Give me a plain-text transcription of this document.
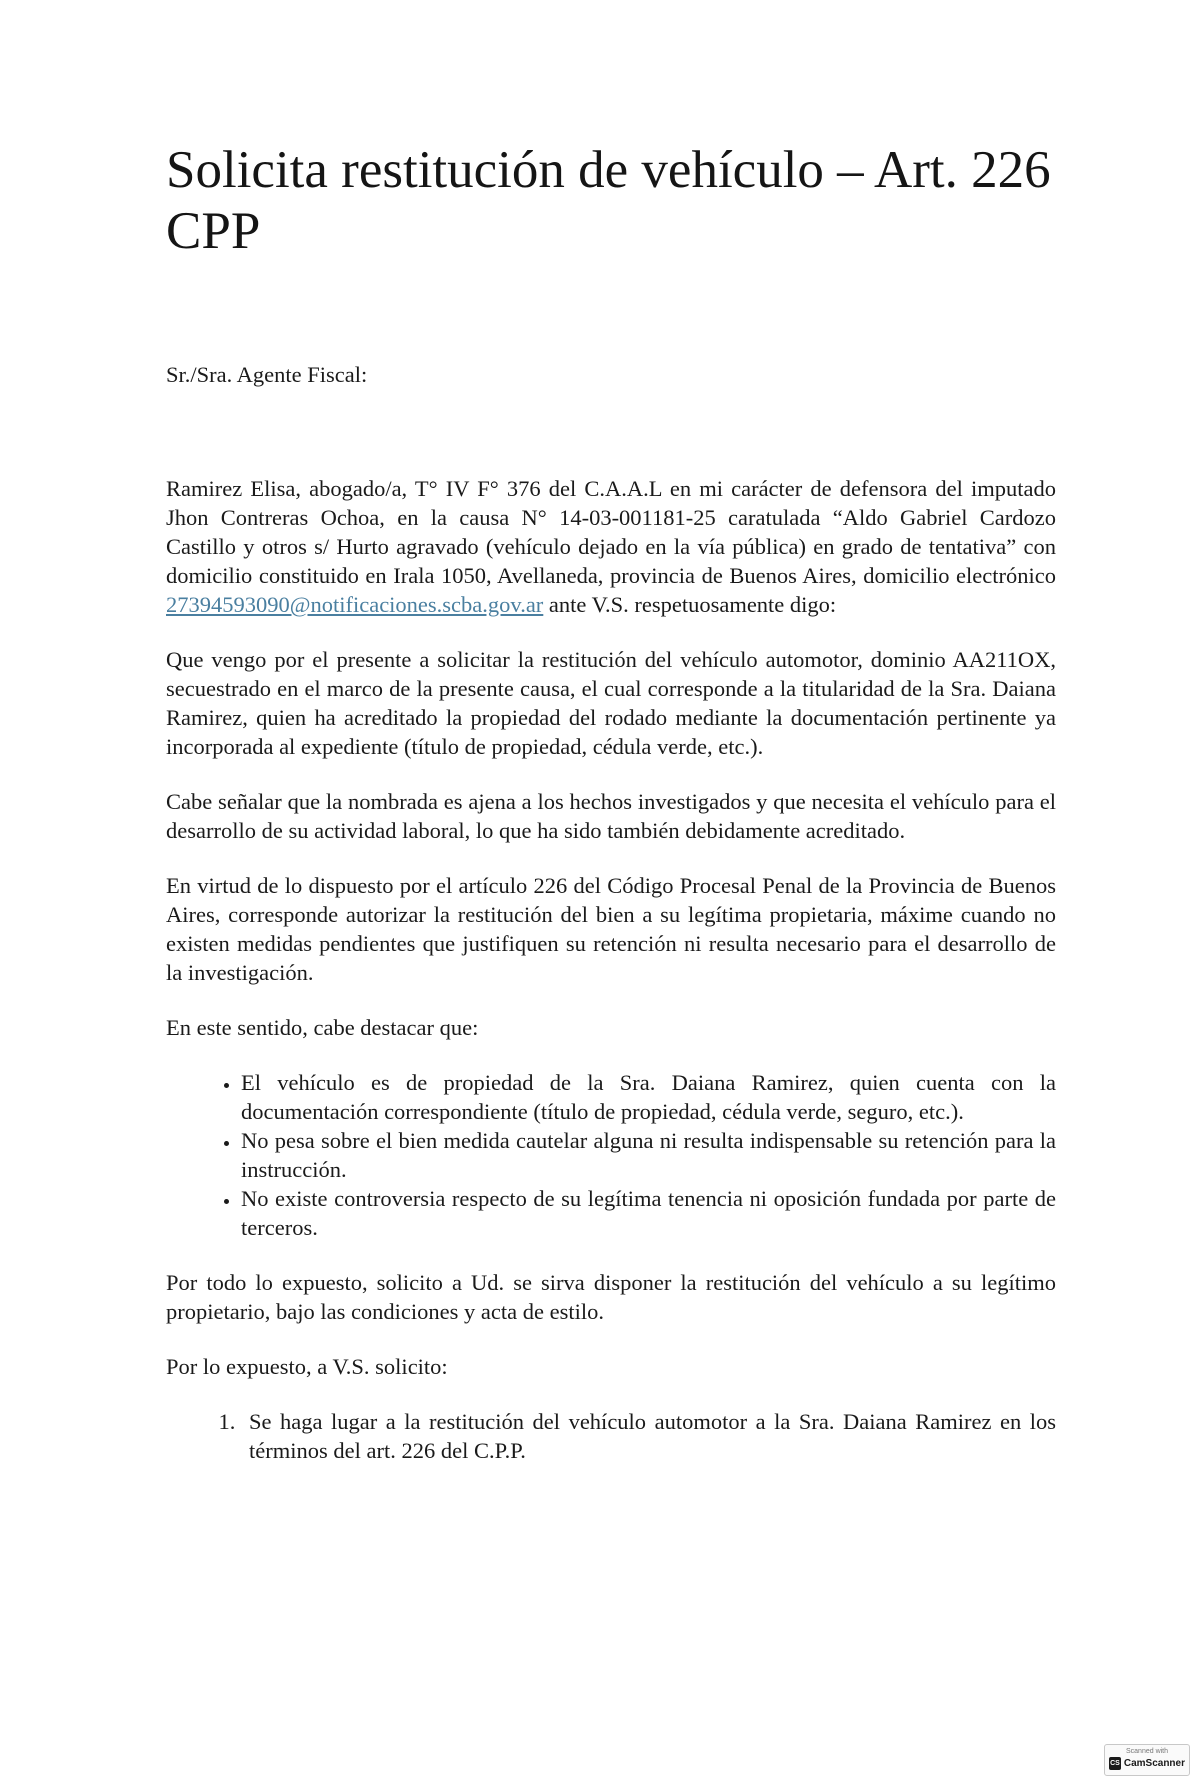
Solicita restitución de vehículo – Art. 226 CPP

Sr./Sra. Agente Fiscal:

Ramirez Elisa, abogado/a, T° IV F° 376 del C.A.A.L en mi carácter de defensora del imputado Jhon Contreras Ochoa, en la causa N° 14-03-001181-25 caratulada “Aldo Gabriel Cardozo Castillo y otros s/ Hurto agravado (vehículo dejado en la vía pública) en grado de tentativa” con domicilio constituido en Irala 1050, Avellaneda, provincia de Buenos Aires, domicilio electrónico 27394593090@notificaciones.scba.gov.ar ante V.S. respetuosamente digo:

Que vengo por el presente a solicitar la restitución del vehículo automotor, dominio AA211OX, secuestrado en el marco de la presente causa, el cual corresponde a la titularidad de la Sra. Daiana Ramirez, quien ha acreditado la propiedad del rodado mediante la documentación pertinente ya incorporada al expediente (título de propiedad, cédula verde, etc.).

Cabe señalar que la nombrada es ajena a los hechos investigados y que necesita el vehículo para el desarrollo de su actividad laboral, lo que ha sido también debidamente acreditado.

En virtud de lo dispuesto por el artículo 226 del Código Procesal Penal de la Provincia de Buenos Aires, corresponde autorizar la restitución del bien a su legítima propietaria, máxime cuando no existen medidas pendientes que justifiquen su retención ni resulta necesario para el desarrollo de la investigación.

En este sentido, cabe destacar que:

• El vehículo es de propiedad de la Sra. Daiana Ramirez, quien cuenta con la documentación correspondiente (título de propiedad, cédula verde, seguro, etc.).
• No pesa sobre el bien medida cautelar alguna ni resulta indispensable su retención para la instrucción.
• No existe controversia respecto de su legítima tenencia ni oposición fundada por parte de terceros.

Por todo lo expuesto, solicito a Ud. se sirva disponer la restitución del vehículo a su legítimo propietario, bajo las condiciones y acta de estilo.

Por lo expuesto, a V.S. solicito:

1. Se haga lugar a la restitución del vehículo automotor a la Sra. Daiana Ramirez en los términos del art. 226 del C.P.P.
Scanned with
CS CamScanner
